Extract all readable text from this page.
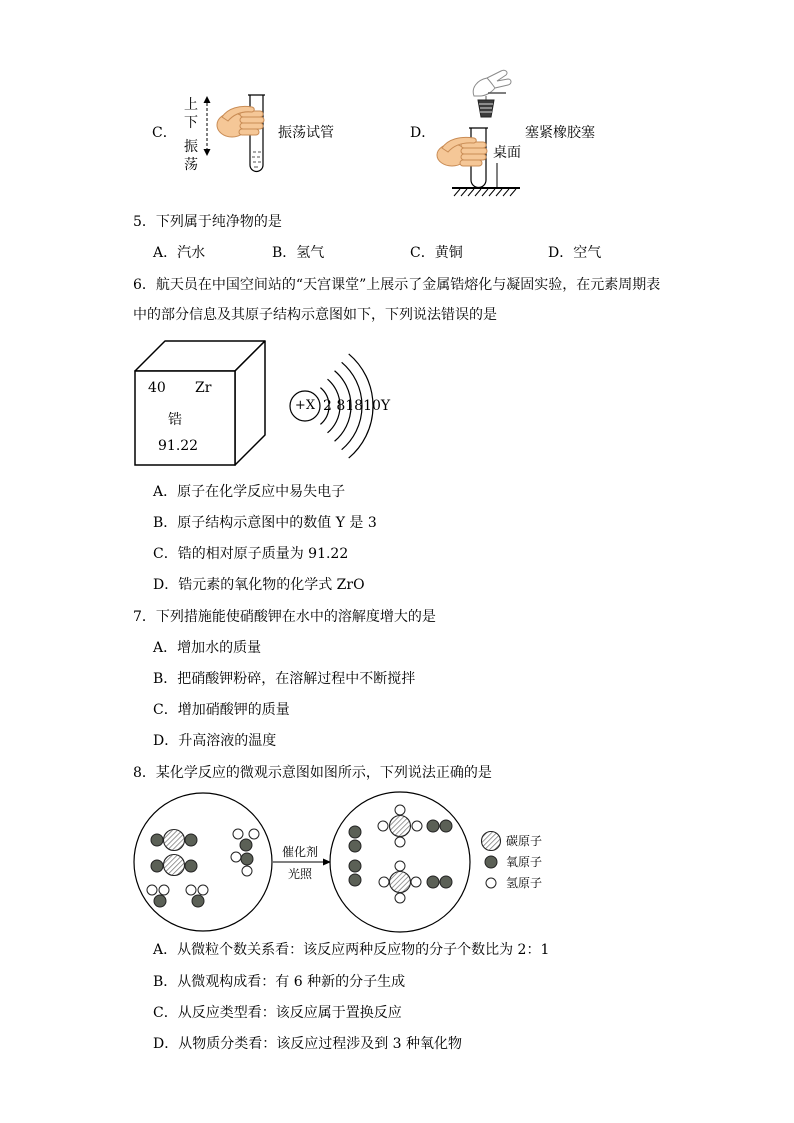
C．
上下
振荡
振荡试管	D．	塞紧橡胶塞
桌面
5．下列属于纯净物的是
A．汽水	B．氢气	C．黄铜	D．空气
6．航天员在中国空间站的“天宫课堂”上展示了金属锆熔化与凝固实验，在元素周期表
中的部分信息及其原子结构示意图如下，下列说法错误的是
40 Zr
锆
91.22
+X 2 81810Y
A．原子在化学反应中易失电子
B．原子结构示意图中的数值 Y 是 3
C．锆的相对原子质量为 91.22
D．锆元素的氧化物的化学式 ZrO
7．下列措施能使硝酸钾在水中的溶解度增大的是
A．增加水的质量
B．把硝酸钾粉碎，在溶解过程中不断搅拌
C．增加硝酸钾的质量
D．升高溶液的温度
8．某化学反应的微观示意图如图所示，下列说法正确的是
催化剂
光照
碳原子
氧原子
氢原子
A．从微粒个数关系看：该反应两种反应物的分子个数比为 2：1
B．从微观构成看：有 6 种新的分子生成
C．从反应类型看：该反应属于置换反应
D．从物质分类看：该反应过程涉及到 3 种氧化物
